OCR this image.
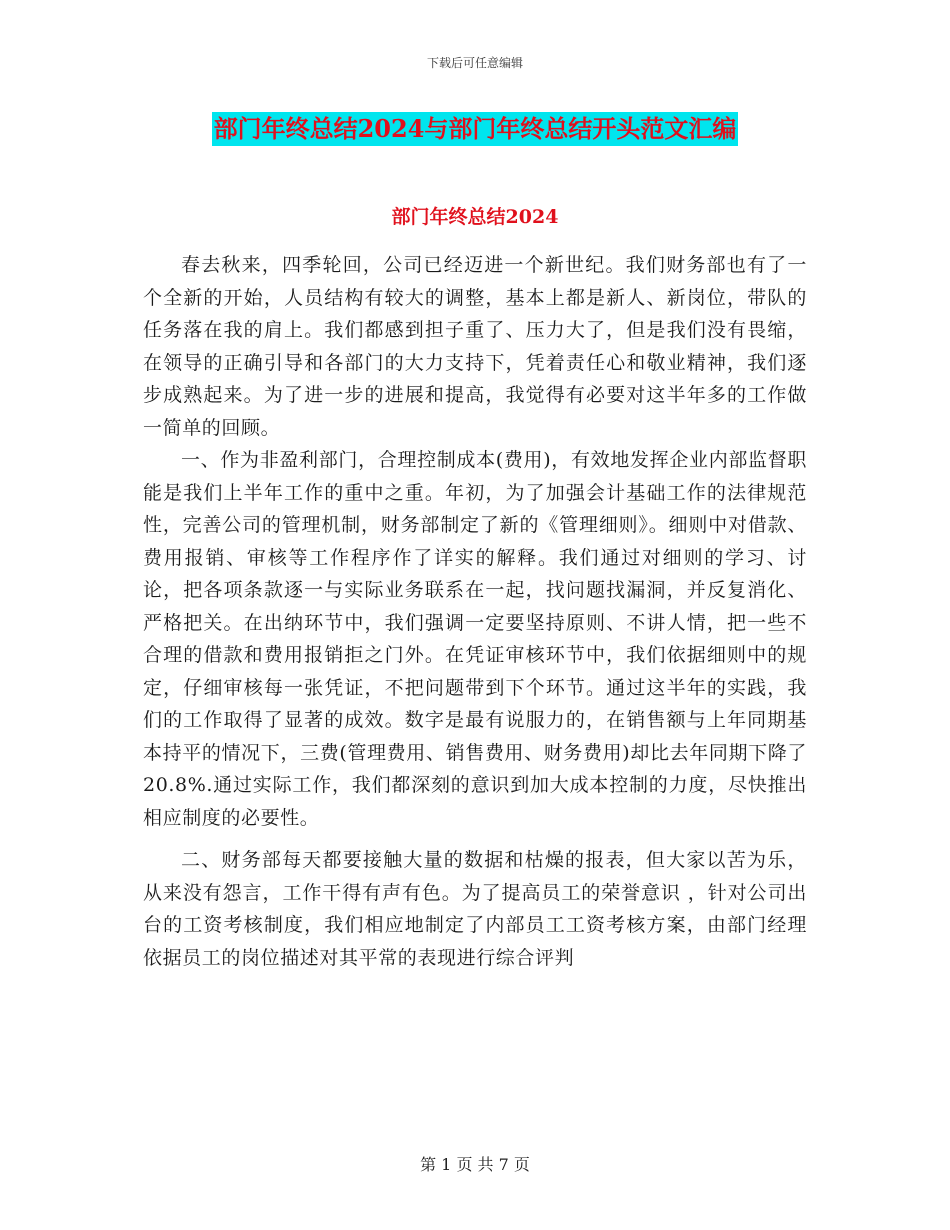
下载后可任意编辑
部门年终总结2024与部门年终总结开头范文汇编
部门年终总结2024

春去秋来，四季轮回，公司已经迈进一个新世纪。我们财务部也有了一个全新的开始，人员结构有较大的调整，基本上都是新人、新岗位，带队的任务落在我的肩上。我们都感到担子重了、压力大了，但是我们没有畏缩，在领导的正确引导和各部门的大力支持下，凭着责任心和敬业精神，我们逐步成熟起来。为了进一步的进展和提高，我觉得有必要对这半年多的工作做一简单的回顾。

一、作为非盈利部门，合理控制成本(费用)，有效地发挥企业内部监督职能是我们上半年工作的重中之重。年初，为了加强会计基础工作的法律规范性，完善公司的管理机制，财务部制定了新的《管理细则》。细则中对借款、费用报销、审核等工作程序作了详实的解释。我们通过对细则的学习、讨论，把各项条款逐一与实际业务联系在一起，找问题找漏洞，并反复消化、严格把关。在出纳环节中，我们强调一定要坚持原则、不讲人情，把一些不合理的借款和费用报销拒之门外。在凭证审核环节中，我们依据细则中的规定，仔细审核每一张凭证，不把问题带到下个环节。通过这半年的实践，我们的工作取得了显著的成效。数字是最有说服力的，在销售额与上年同期基本持平的情况下，三费(管理费用、销售费用、财务费用)却比去年同期下降了20.8%.通过实际工作，我们都深刻的意识到加大成本控制的力度，尽快推出相应制度的必要性。

二、财务部每天都要接触大量的数据和枯燥的报表，但大家以苦为乐，从来没有怨言，工作干得有声有色。为了提高员工的荣誉意识 ，针对公司出台的工资考核制度，我们相应地制定了内部员工工资考核方案，由部门经理依据员工的岗位描述对其平常的表现进行综合评判

第 1 页 共 7 页
